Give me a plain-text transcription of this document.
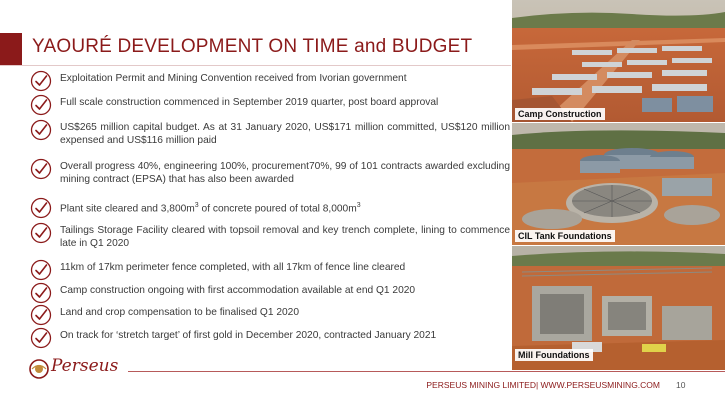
YAOURÉ DEVELOPMENT ON TIME and BUDGET
Exploitation Permit and Mining Convention received from Ivorian government
Full scale construction commenced in September 2019 quarter, post board approval
US$265 million capital budget. As at 31 January 2020, US$171 million committed, US$120 million expensed and US$116 million paid
Overall progress 40%, engineering 100%, procurement70%, 99 of 101 contracts awarded excluding mining contract (EPSA) that has also been awarded
Plant site cleared and $3,800m^3$ of concrete poured of total $8,000m^3$
Tailings Storage Facility cleared with topsoil removal and key trench complete, lining to commence late in Q1 2020
11km of 17km perimeter fence completed, with all 17km of fence line cleared
Camp construction ongoing with first accommodation available at end Q1 2020
Land and crop compensation to be finalised Q1 2020
On track for ‘stretch target’ of first gold in December 2020, contracted January 2021
Camp Construction
CIL Tank Foundations
Mill Foundations
Perseus
PERSEUS MINING LIMITED| WWW.PERSEUSMINING.COM 10
